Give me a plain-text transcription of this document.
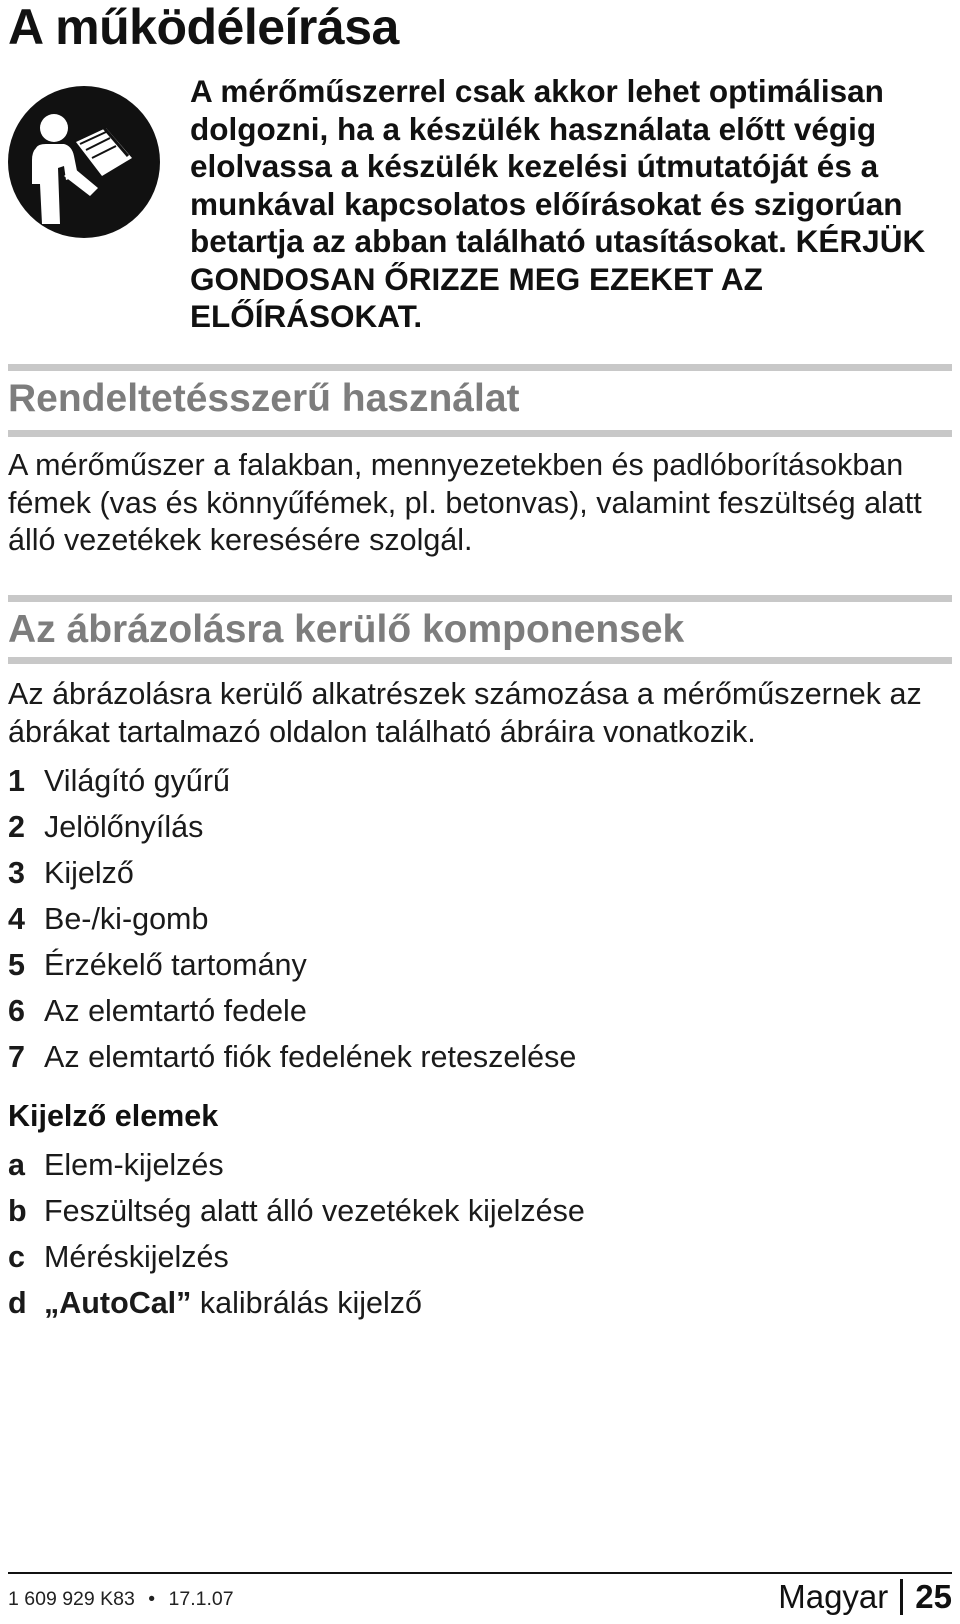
A működéleírása

A mérőműszerrel csak akkor lehet optimálisan dolgozni, ha a készülék használata előtt végig elolvassa a készülék kezelési útmutatóját és a munkával kapcsolatos előírásokat és szigorúan betartja az abban található utasításokat. KÉRJÜK GONDOSAN ŐRIZZE MEG EZEKET AZ ELŐÍRÁSOKAT.

Rendeltetésszerű használat

A mérőműszer a falakban, mennyezetekben és padlóborításokban fémek (vas és könnyűfémek, pl. betonvas), valamint feszültség alatt álló vezetékek keresésére szolgál.

Az ábrázolásra kerülő komponensek

Az ábrázolásra kerülő alkatrészek számozása a mérőműszernek az ábrákat tartalmazó oldalon található ábráira vonatkozik.

1 Világító gyűrű
2 Jelölőnyílás
3 Kijelző
4 Be-/ki-gomb
5 Érzékelő tartomány
6 Az elemtartó fedele
7 Az elemtartó fiók fedelének reteszelése
Kijelző elemek
a Elem-kijelzés
b Feszültség alatt álló vezetékek kijelzése
c Méréskijelzés
d „AutoCal” kalibrálás kijelző
1 609 929 K83 • 17.1.07	Magyar 25
